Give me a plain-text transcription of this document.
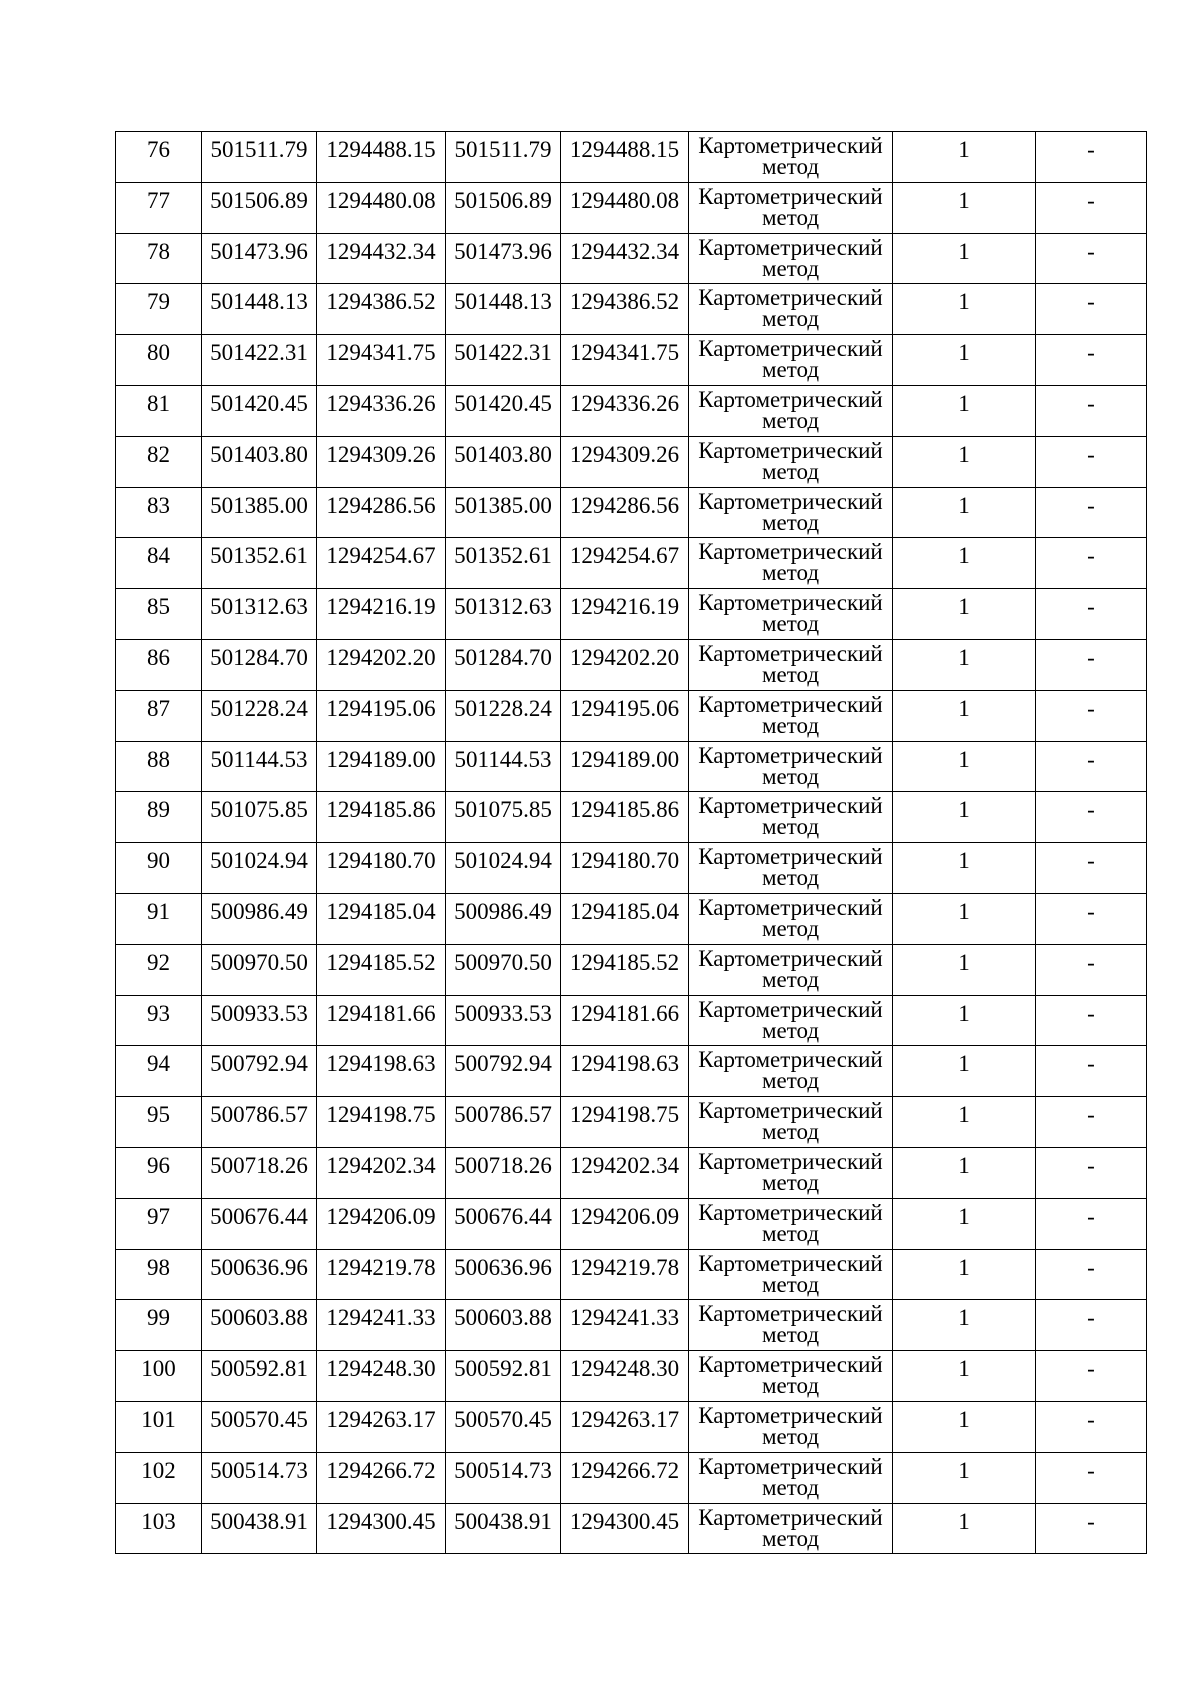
76	501511.79	1294488.15	501511.79	1294488.15	Картометрический
метод	1	-

77	501506.89	1294480.08	501506.89	1294480.08	Картометрический
метод	1	-

78	501473.96	1294432.34	501473.96	1294432.34	Картометрический
метод	1	-

79	501448.13	1294386.52	501448.13	1294386.52	Картометрический
метод	1	-

80	501422.31	1294341.75	501422.31	1294341.75	Картометрический
метод	1	-

81	501420.45	1294336.26	501420.45	1294336.26	Картометрический
метод	1	-

82	501403.80	1294309.26	501403.80	1294309.26	Картометрический
метод	1	-

83	501385.00	1294286.56	501385.00	1294286.56	Картометрический
метод	1	-

84	501352.61	1294254.67	501352.61	1294254.67	Картометрический
метод	1	-

85	501312.63	1294216.19	501312.63	1294216.19	Картометрический
метод	1	-

86	501284.70	1294202.20	501284.70	1294202.20	Картометрический
метод	1	-

87	501228.24	1294195.06	501228.24	1294195.06	Картометрический
метод	1	-

88	501144.53	1294189.00	501144.53	1294189.00	Картометрический
метод	1	-

89	501075.85	1294185.86	501075.85	1294185.86	Картометрический
метод	1	-

90	501024.94	1294180.70	501024.94	1294180.70	Картометрический
метод	1	-

91	500986.49	1294185.04	500986.49	1294185.04	Картометрический
метод	1	-

92	500970.50	1294185.52	500970.50	1294185.52	Картометрический
метод	1	-

93	500933.53	1294181.66	500933.53	1294181.66	Картометрический
метод	1	-

94	500792.94	1294198.63	500792.94	1294198.63	Картометрический
метод	1	-

95	500786.57	1294198.75	500786.57	1294198.75	Картометрический
метод	1	-

96	500718.26	1294202.34	500718.26	1294202.34	Картометрический
метод	1	-

97	500676.44	1294206.09	500676.44	1294206.09	Картометрический
метод	1	-

98	500636.96	1294219.78	500636.96	1294219.78	Картометрический
метод	1	-

99	500603.88	1294241.33	500603.88	1294241.33	Картометрический
метод	1	-

100	500592.81	1294248.30	500592.81	1294248.30	Картометрический
метод	1	-

101	500570.45	1294263.17	500570.45	1294263.17	Картометрический
метод	1	-

102	500514.73	1294266.72	500514.73	1294266.72	Картометрический
метод	1	-

103	500438.91	1294300.45	500438.91	1294300.45	Картометрический
метод	1	-
